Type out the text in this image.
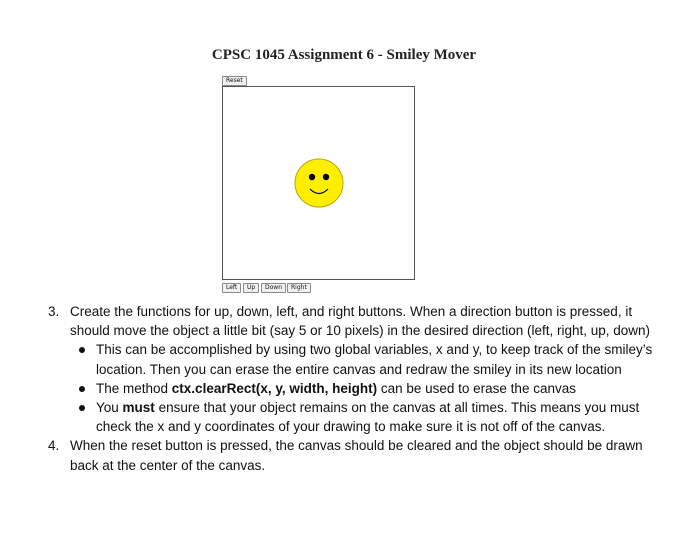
CPSC 1045 Assignment 6 - Smiley Mover
Reset
Left	Up	Down	Right
3. Create the functions for up, down, left, and right buttons. When a direction button is pressed, it should move the object a little bit (say 5 or 10 pixels) in the desired direction (left, right, up, down)
This can be accomplished by using two global variables, x and y, to keep track of the smiley’s location. Then you can erase the entire canvas and redraw the smiley in its new location
The method ctx.clearRect(x, y, width, height) can be used to erase the canvas
You must ensure that your object remains on the canvas at all times. This means you must check the x and y coordinates of your drawing to make sure it is not off of the canvas.
4. When the reset button is pressed, the canvas should be cleared and the object should be drawn back at the center of the canvas.
